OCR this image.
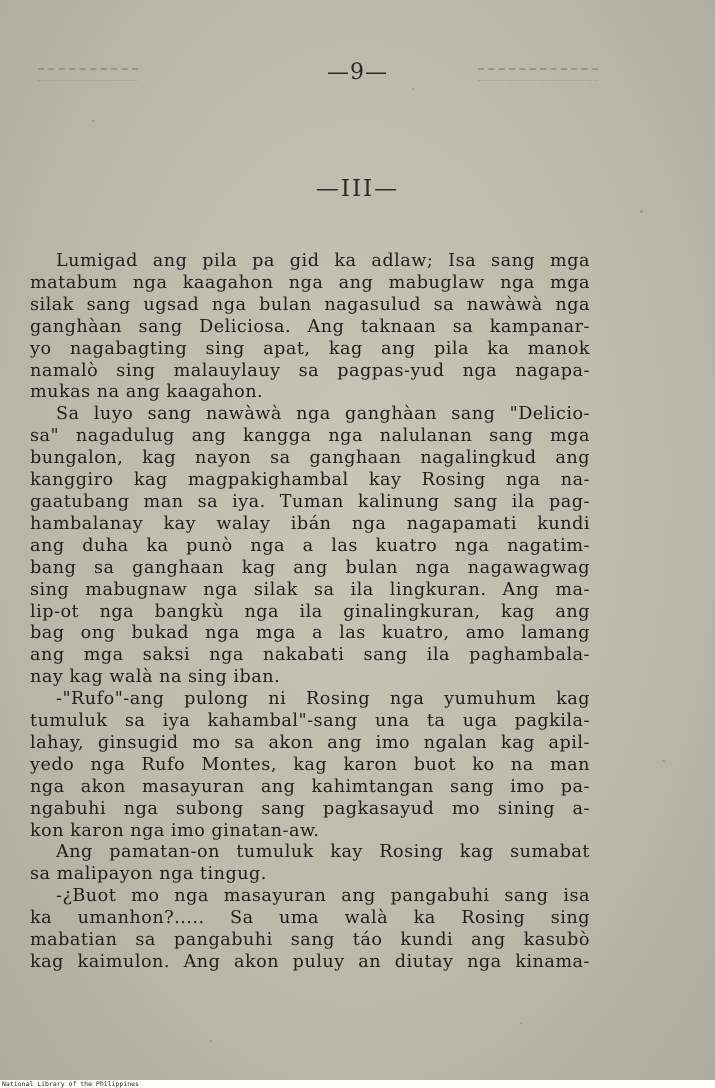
—9—
—III—
Lumigad ang pila pa gid ka adlaw; Isa sang mga
matabum nga kaagahon nga ang mabuglaw nga mga
silak sang ugsad nga bulan nagasulud sa nawàwà nga
ganghàan sang Deliciosa. Ang taknaan sa kampanar-
yo nagabagting sing apat, kag ang pila ka manok
namalò sing malauylauy sa pagpas-yud nga nagapa-
mukas na ang kaagahon.
Sa luyo sang nawàwà nga ganghàan sang "Delicio-
sa" nagadulug ang kangga nga nalulanan sang mga
bungalon, kag nayon sa ganghaan nagalingkud ang
kanggiro kag magpakighambal kay Rosing nga na-
gaatubang man sa iya. Tuman kalinung sang ila pag-
hambalanay kay walay ibán nga nagapamati kundi
ang duha ka punò nga a las kuatro nga nagatim-
bang sa ganghaan kag ang bulan nga nagawagwag
sing mabugnaw nga silak sa ila lingkuran. Ang ma-
lip-ot nga bangkù nga ila ginalingkuran, kag ang
bag ong bukad nga mga a las kuatro, amo lamang
ang mga saksi nga nakabati sang ila paghambala-
nay kag walà na sing iban.
-"Rufo"-ang pulong ni Rosing nga yumuhum kag
tumuluk sa iya kahambal"-sang una ta uga pagkila-
lahay, ginsugid mo sa akon ang imo ngalan kag apil-
yedo nga Rufo Montes, kag karon buot ko na man
nga akon masayuran ang kahimtangan sang imo pa-
ngabuhi nga subong sang pagkasayud mo sining a-
kon karon nga imo ginatan-aw.
Ang pamatan-on tumuluk kay Rosing kag sumabat
sa malipayon nga tingug.
-¿Buot mo nga masayuran ang pangabuhi sang isa
ka umanhon?..... Sa uma walà ka Rosing sing
mabatian sa pangabuhi sang táo kundi ang kasubò
kag kaimulon. Ang akon puluy an diutay nga kinama-
National Library of the Philippines
